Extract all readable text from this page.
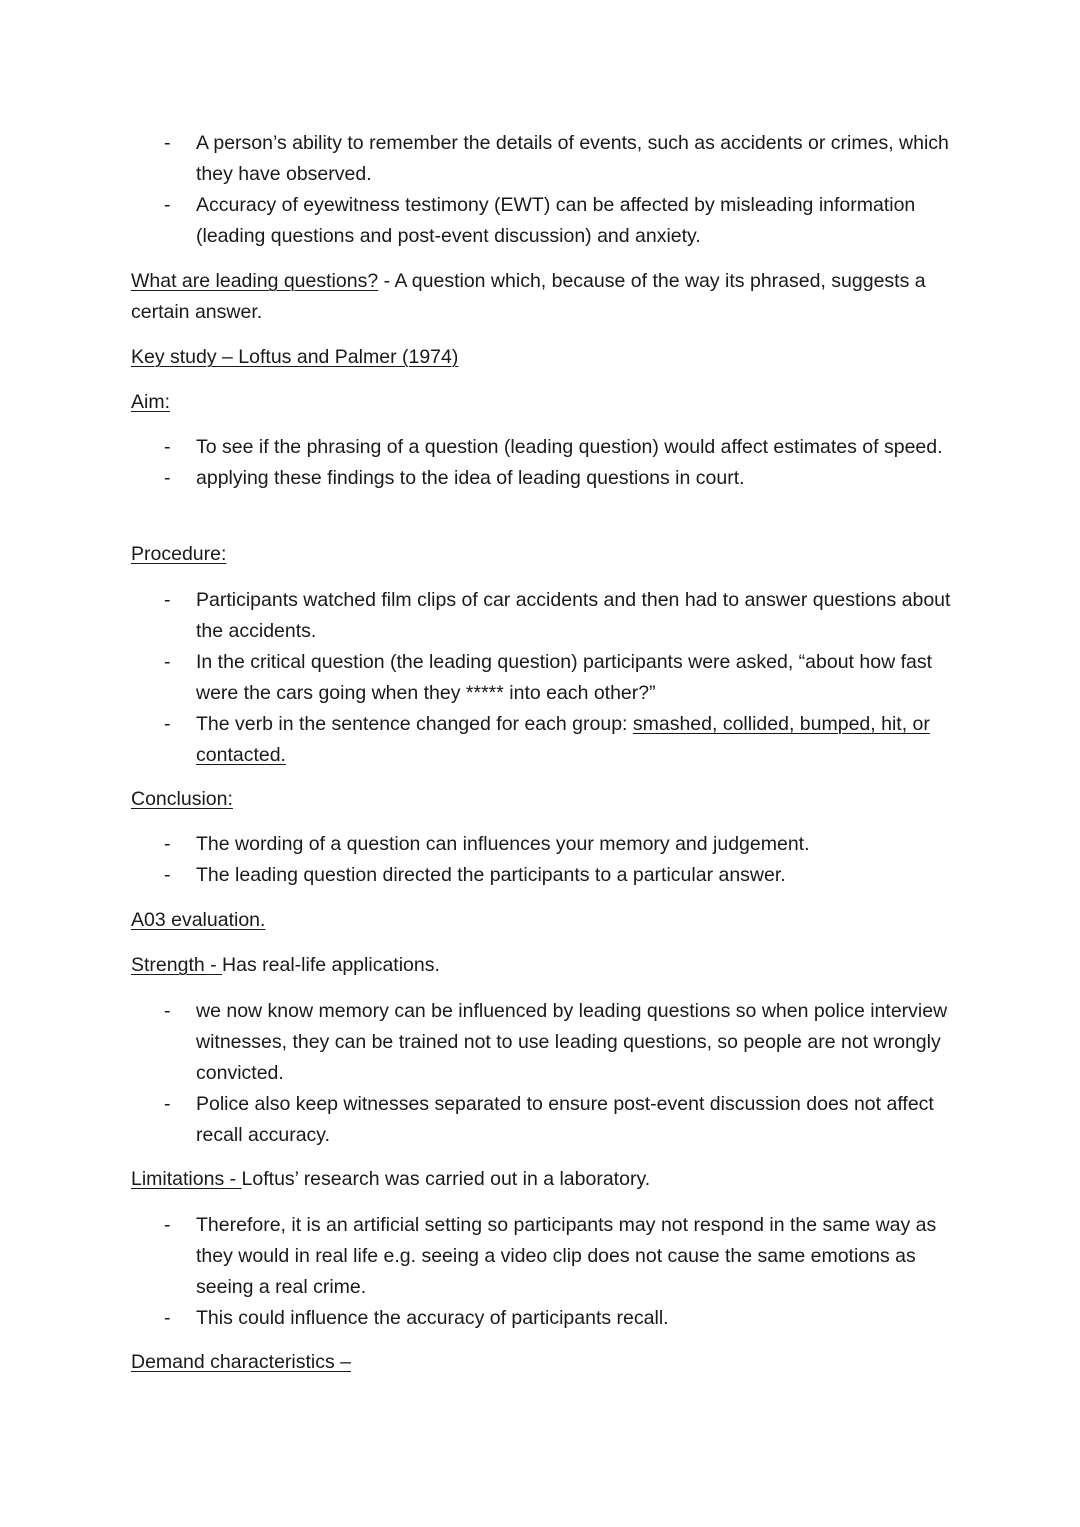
- A person’s ability to remember the details of events, such as accidents or crimes, which they have observed.
- Accuracy of eyewitness testimony (EWT) can be affected by misleading information (leading questions and post-event discussion) and anxiety.

What are leading questions? - A question which, because of the way its phrased, suggests a certain answer.

Key study – Loftus and Palmer (1974)

Aim:

- To see if the phrasing of a question (leading question) would affect estimates of speed.
- applying these findings to the idea of leading questions in court.

Procedure:

- Participants watched film clips of car accidents and then had to answer questions about the accidents.
- In the critical question (the leading question) participants were asked, “about how fast were the cars going when they ***** into each other?”
- The verb in the sentence changed for each group: smashed, collided, bumped, hit, or contacted.

Conclusion:

- The wording of a question can influences your memory and judgement.
- The leading question directed the participants to a particular answer.

A03 evaluation.

Strength - Has real-life applications.

- we now know memory can be influenced by leading questions so when police interview witnesses, they can be trained not to use leading questions, so people are not wrongly convicted.
- Police also keep witnesses separated to ensure post-event discussion does not affect recall accuracy.

Limitations - Loftus’ research was carried out in a laboratory.

- Therefore, it is an artificial setting so participants may not respond in the same way as they would in real life e.g. seeing a video clip does not cause the same emotions as seeing a real crime.
- This could influence the accuracy of participants recall.

Demand characteristics –
